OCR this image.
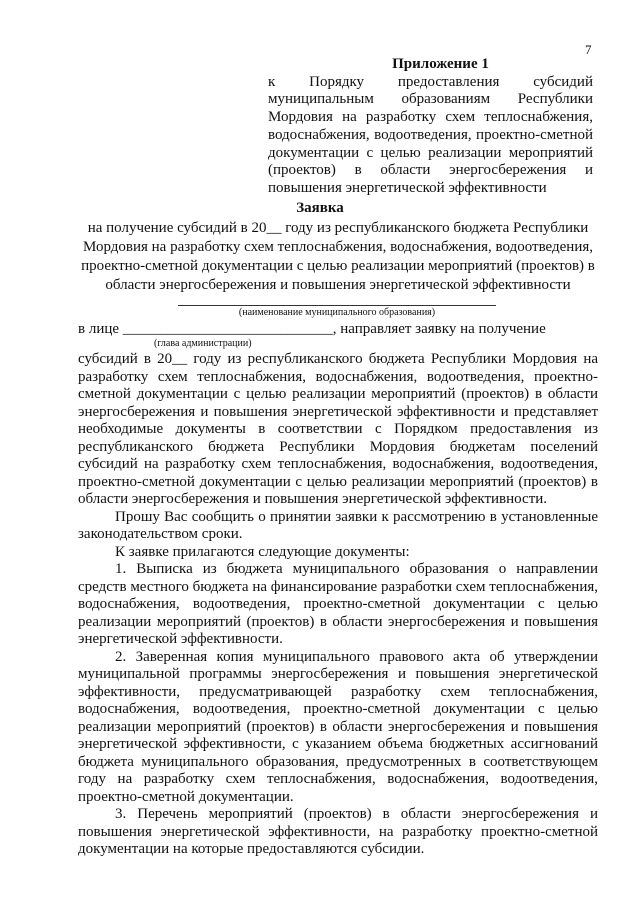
7
Приложение 1
к Порядку предоставления субсидий муниципальным образованиям Республики Мордовия на разработку схем теплоснабжения, водоснабжения, водоотведения, проектно-сметной документации с целью реализации мероприятий (проектов) в области энергосбережения и повышения энергетической эффективности
Заявка
на получение субсидий в 20__ году из республиканского бюджета Республики Мордовия на разработку схем теплоснабжения, водоснабжения, водоотведения, проектно-сметной документации с целью реализации мероприятий (проектов) в области энергосбережения и повышения энергетической эффективности
(наименование муниципального образования)
в лице ____________________________, направляет заявку на получение
(глава администрации)

субсидий в 20__ году из республиканского бюджета Республики Мордовия на разработку схем теплоснабжения, водоснабжения, водоотведения, проектно-сметной документации с целью реализации мероприятий (проектов) в области энергосбережения и повышения энергетической эффективности и представляет необходимые документы в соответствии с Порядком предоставления из республиканского бюджета Республики Мордовия бюджетам поселений субсидий на разработку схем теплоснабжения, водоснабжения, водоотведения, проектно-сметной документации с целью реализации мероприятий (проектов) в области энергосбережения и повышения энергетической эффективности.

Прошу Вас сообщить о принятии заявки к рассмотрению в установленные законодательством сроки.

К заявке прилагаются следующие документы:

1. Выписка из бюджета муниципального образования о направлении средств местного бюджета на финансирование разработки схем теплоснабжения, водоснабжения, водоотведения, проектно-сметной документации с целью реализации мероприятий (проектов) в области энергосбережения и повышения энергетической эффективности.

2. Заверенная копия муниципального правового акта об утверждении муниципальной программы энергосбережения и повышения энергетической эффективности, предусматривающей разработку схем теплоснабжения, водоснабжения, водоотведения, проектно-сметной документации с целью реализации мероприятий (проектов) в области энергосбережения и повышения энергетической эффективности, с указанием объема бюджетных ассигнований бюджета муниципального образования, предусмотренных в соответствующем году на разработку схем теплоснабжения, водоснабжения, водоотведения, проектно-сметной документации.

3. Перечень мероприятий (проектов) в области энергосбережения и повышения энергетической эффективности, на разработку проектно-сметной документации на которые предоставляются субсидии.
